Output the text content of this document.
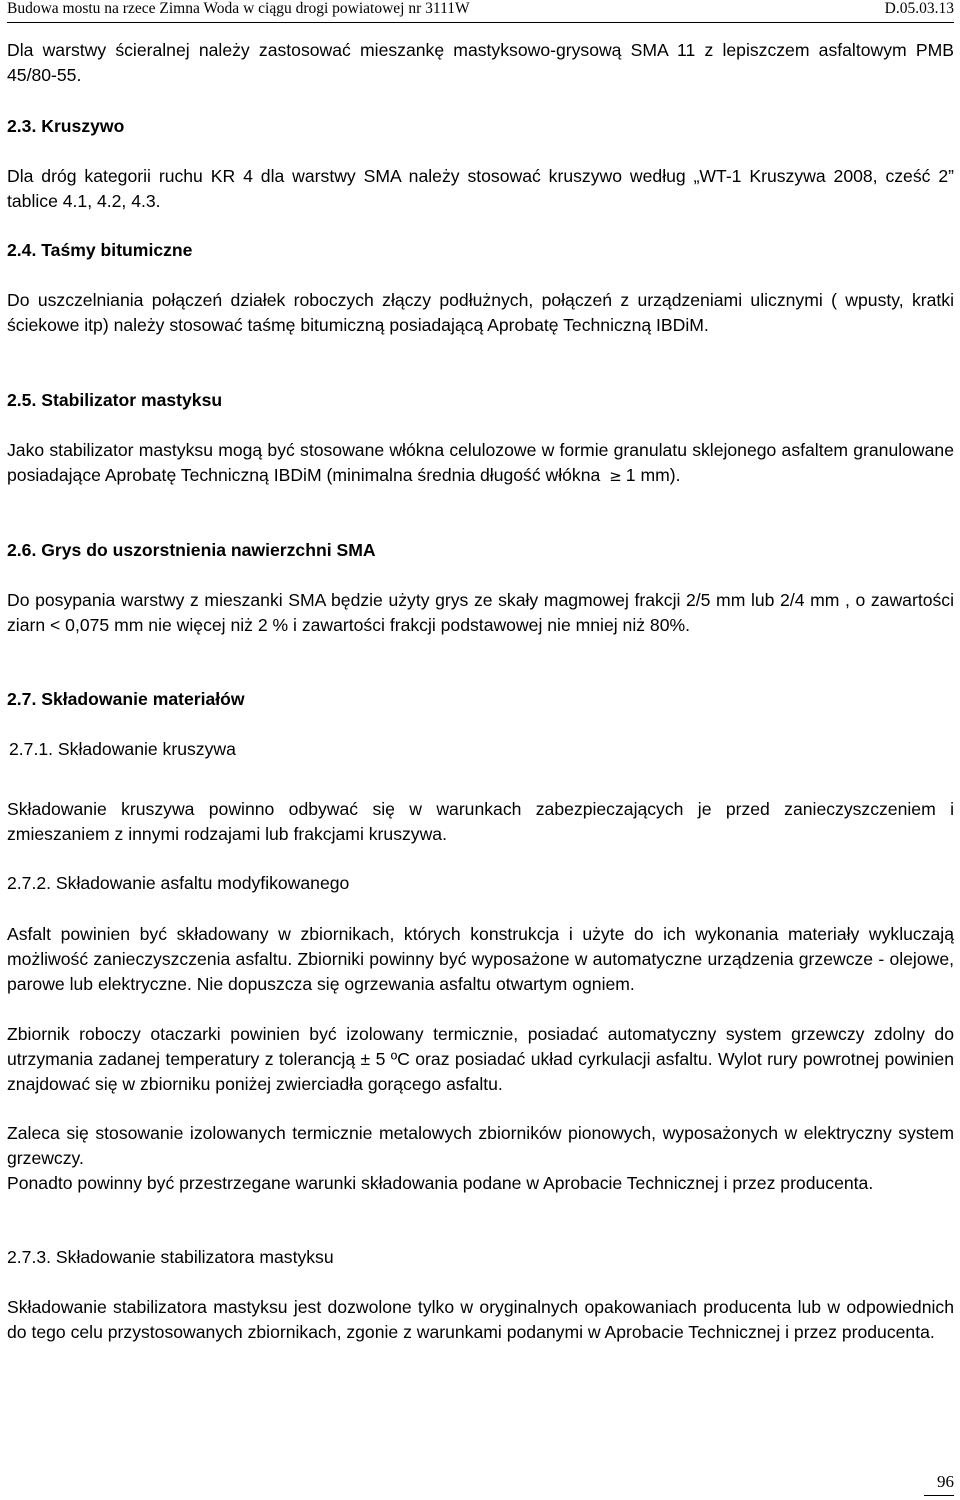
Budowa mostu na rzece Zimna Woda w ciągu drogi powiatowej nr 3111W	D.05.03.13

Dla warstwy ścieralnej należy zastosować mieszankę mastyksowo-grysową SMA 11 z lepiszczem asfaltowym PMB 45/80-55.

2.3. Kruszywo

Dla dróg kategorii ruchu KR 4 dla warstwy SMA należy stosować kruszywo według „WT-1 Kruszywa 2008, cześć 2” tablice 4.1, 4.2, 4.3.

2.4. Taśmy bitumiczne

Do uszczelniania połączeń działek roboczych złączy podłużnych, połączeń z urządzeniami ulicznymi ( wpusty, kratki ściekowe itp) należy stosować taśmę bitumiczną posiadającą Aprobatę Techniczną IBDiM.

2.5. Stabilizator mastyksu

Jako stabilizator mastyksu mogą być stosowane włókna celulozowe w formie granulatu sklejonego asfaltem granulowane posiadające Aprobatę Techniczną IBDiM (minimalna średnia długość włókna ≥ 1 mm).

2.6. Grys do uszorstnienia nawierzchni SMA

Do posypania warstwy z mieszanki SMA będzie użyty grys ze skały magmowej frakcji 2/5 mm lub 2/4 mm , o zawartości ziarn < 0,075 mm nie więcej niż 2 % i zawartości frakcji podstawowej nie mniej niż 80%.

2.7. Składowanie materiałów

2.7.1. Składowanie kruszywa

Składowanie kruszywa powinno odbywać się w warunkach zabezpieczających je przed zanieczyszczeniem i zmieszaniem z innymi rodzajami lub frakcjami kruszywa.

2.7.2. Składowanie asfaltu modyfikowanego

Asfalt powinien być składowany w zbiornikach, których konstrukcja i użyte do ich wykonania materiały wykluczają możliwość zanieczyszczenia asfaltu. Zbiorniki powinny być wyposażone w automatyczne urządzenia grzewcze - olejowe, parowe lub elektryczne. Nie dopuszcza się ogrzewania asfaltu otwartym ogniem.

Zbiornik roboczy otaczarki powinien być izolowany termicznie, posiadać automatyczny system grzewczy zdolny do utrzymania zadanej temperatury z tolerancją ± 5 ºC oraz posiadać układ cyrkulacji asfaltu. Wylot rury powrotnej powinien znajdować się w zbiorniku poniżej zwierciadła gorącego asfaltu.

Zaleca się stosowanie izolowanych termicznie metalowych zbiorników pionowych, wyposażonych w elektryczny system grzewczy.

Ponadto powinny być przestrzegane warunki składowania podane w Aprobacie Technicznej i przez producenta.

2.7.3. Składowanie stabilizatora mastyksu

Składowanie stabilizatora mastyksu jest dozwolone tylko w oryginalnych opakowaniach producenta lub w odpowiednich do tego celu przystosowanych zbiornikach, zgonie z warunkami podanymi w Aprobacie Technicznej i przez producenta.

96
